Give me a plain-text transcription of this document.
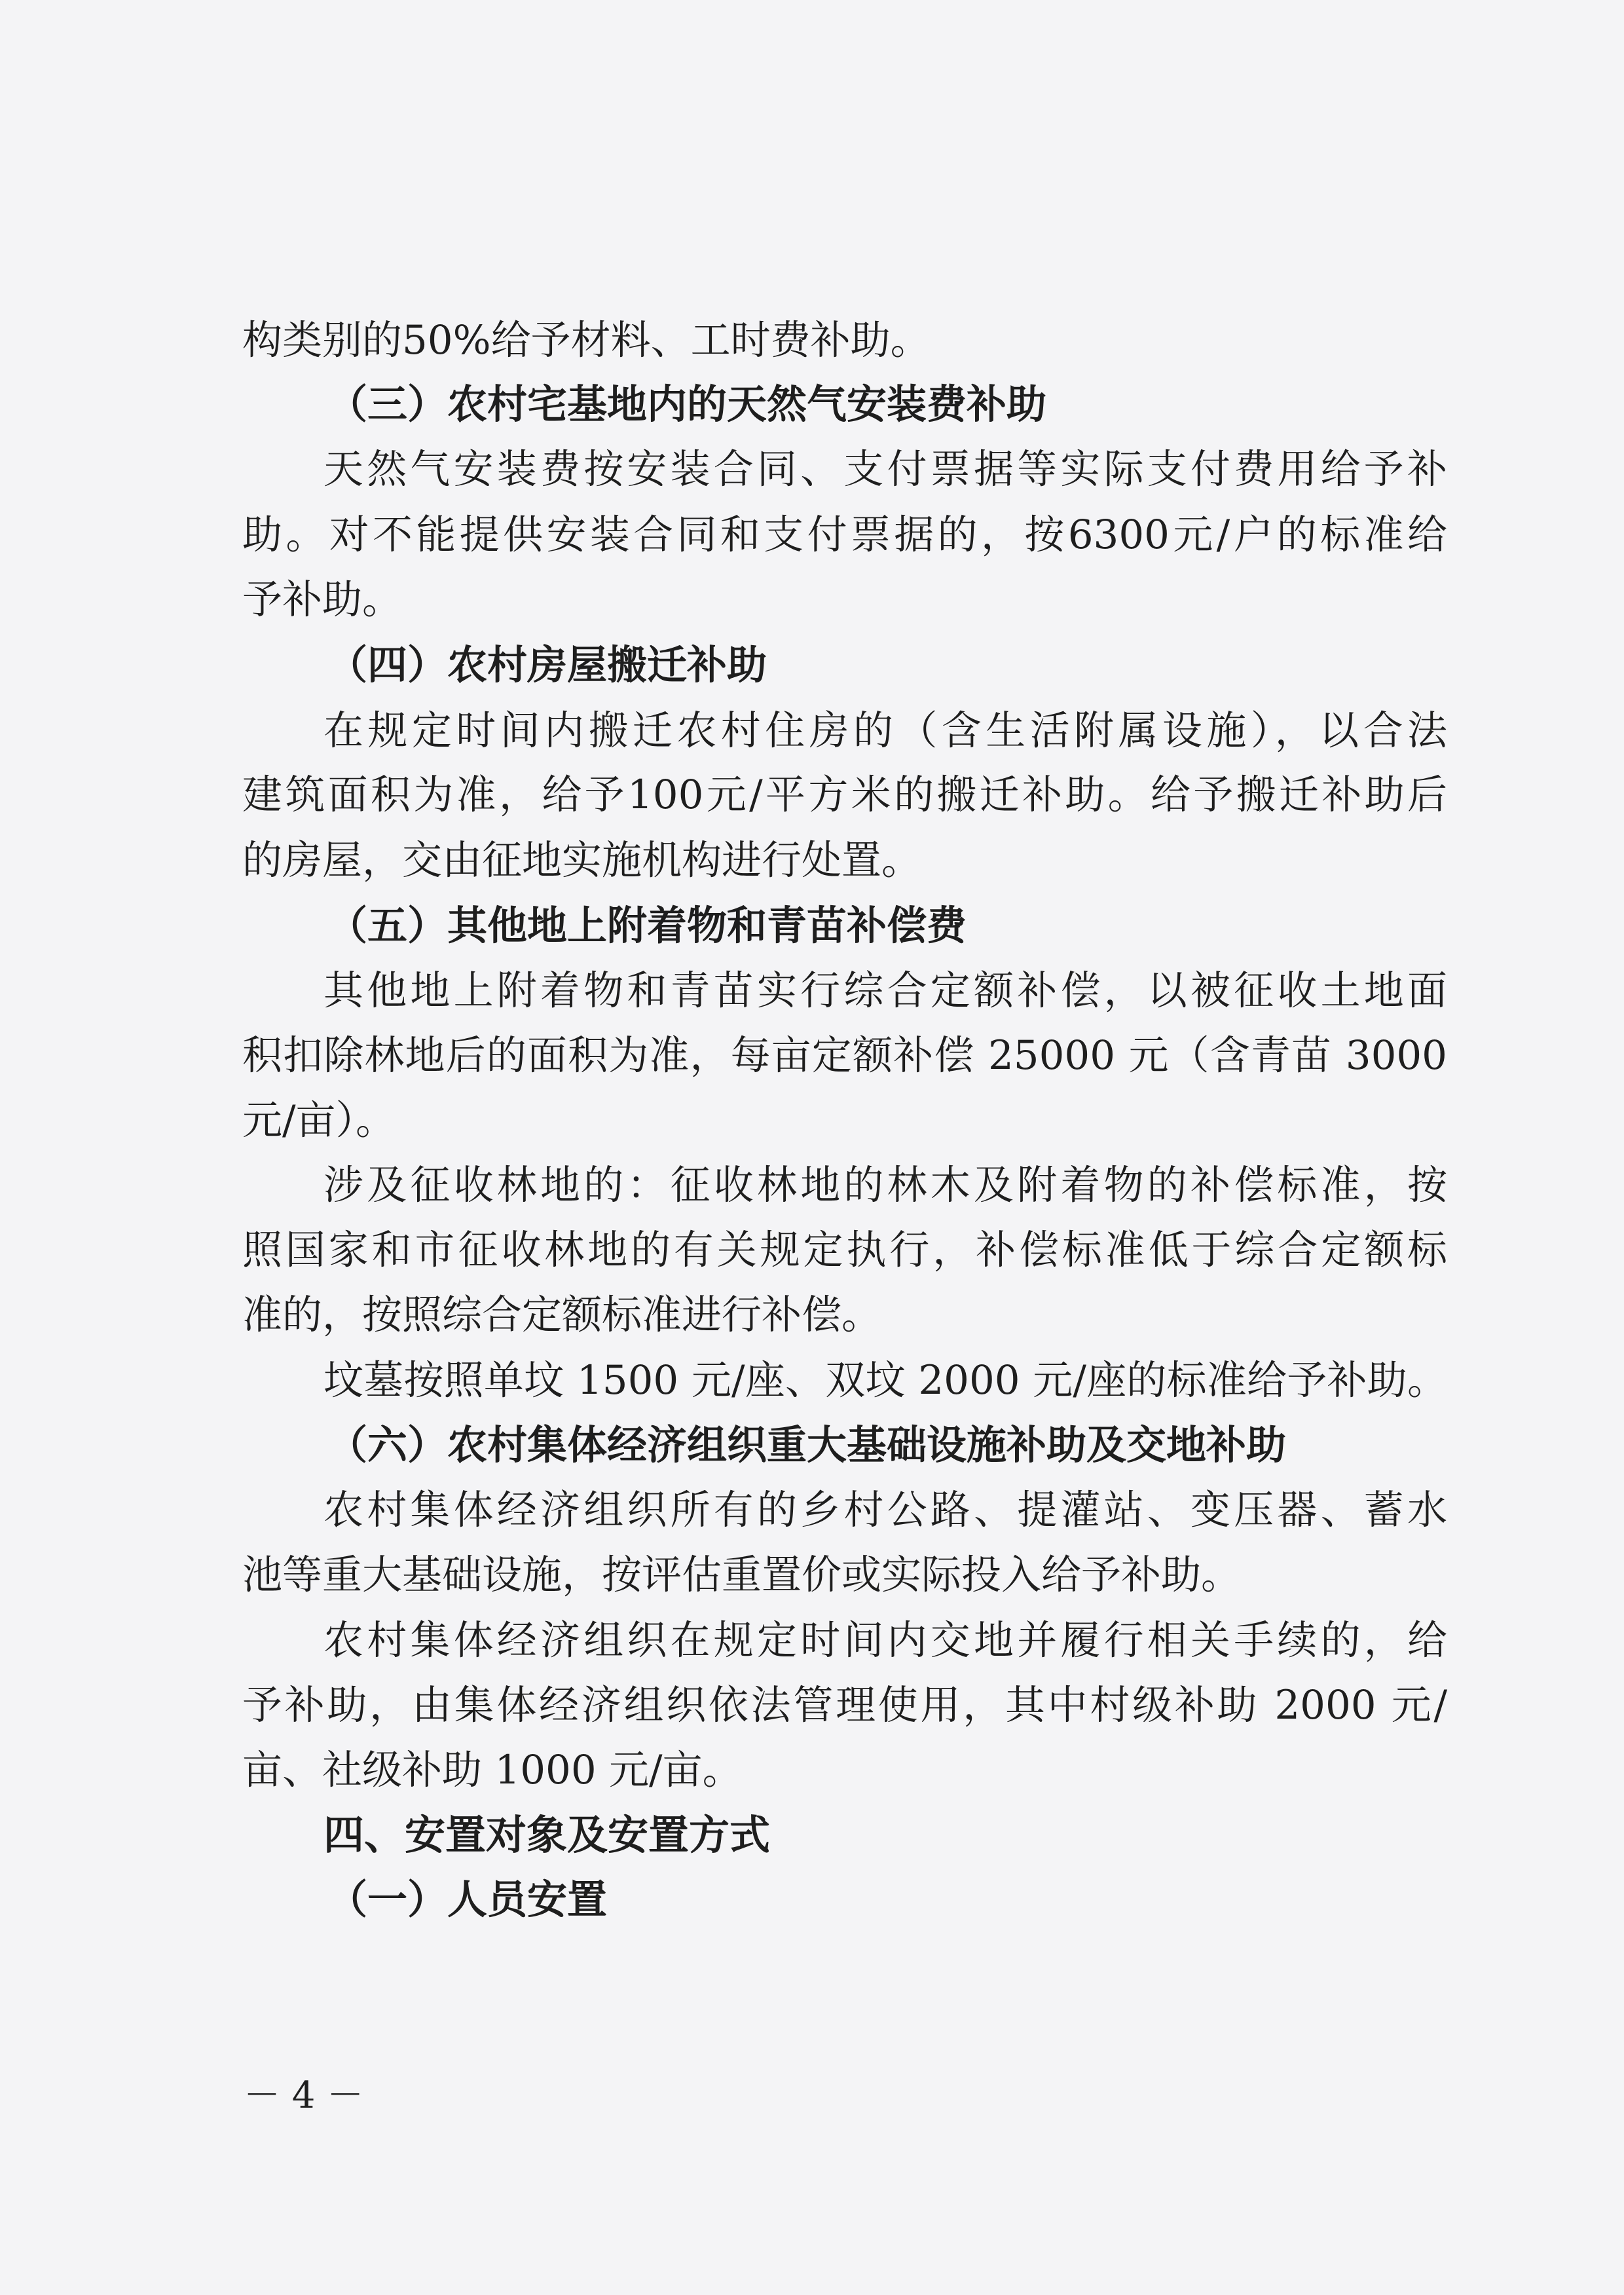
构类别的50%给予材料、工时费补助。
（三）农村宅基地内的天然气安装费补助
天然气安装费按安装合同、支付票据等实际支付费用给予补
助。对不能提供安装合同和支付票据的，按6300元/户的标准给
予补助。
（四）农村房屋搬迁补助
在规定时间内搬迁农村住房的（含生活附属设施），以合法
建筑面积为准，给予100元/平方米的搬迁补助。给予搬迁补助后
的房屋，交由征地实施机构进行处置。
（五）其他地上附着物和青苗补偿费
其他地上附着物和青苗实行综合定额补偿，以被征收土地面
积扣除林地后的面积为准，每亩定额补偿 25000 元（含青苗 3000
元/亩）。
涉及征收林地的：征收林地的林木及附着物的补偿标准，按
照国家和市征收林地的有关规定执行，补偿标准低于综合定额标
准的，按照综合定额标准进行补偿。
坟墓按照单坟 1500 元/座、双坟 2000 元/座的标准给予补助。
（六）农村集体经济组织重大基础设施补助及交地补助
农村集体经济组织所有的乡村公路、提灌站、变压器、蓄水
池等重大基础设施，按评估重置价或实际投入给予补助。
农村集体经济组织在规定时间内交地并履行相关手续的，给
予补助，由集体经济组织依法管理使用，其中村级补助 2000 元/
亩、社级补助 1000 元/亩。
四、安置对象及安置方式
（一）人员安置
－ 4 －
